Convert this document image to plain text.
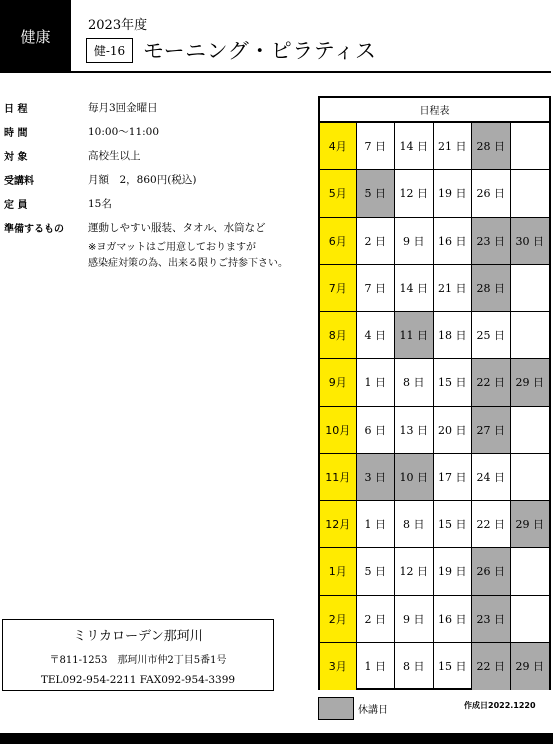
健康
2023年度
健-16 モーニング・ピラティス
日 程	毎月3回金曜日
時 間	10:00～11:00
対 象	高校生以上
受講料	月額　2，860円(税込)
定 員	15名
準備するもの	運動しやすい服装、タオル、水筒など
※ヨガマットはご用意しておりますが
感染症対策の為、出来る限りご持参下さい。
ミリカローデン那珂川
〒811-1253　那珂川市仲2丁目5番1号
TEL092-954-2211 FAX092-954-3399
日程表
4月	7 日	14 日 21 日 28 日
5月	5 日	12 日 19 日 26 日
6月	2 日	9 日	16 日 23 日 30 日
7月	7 日	14 日 21 日 28 日
8月	4 日	11 日 18 日 25 日
9月	1 日	8 日	15 日 22 日 29 日
10月	6 日	13 日 20 日 27 日
11月	3 日	10 日 17 日 24 日
12月	1 日	8 日	15 日 22 日 29 日
1月	5 日	12 日 19 日 26 日
2月	2 日	9 日	16 日 23 日
3月	1 日	8 日	15 日 22 日 29 日
休講日	作成日2022.1220
